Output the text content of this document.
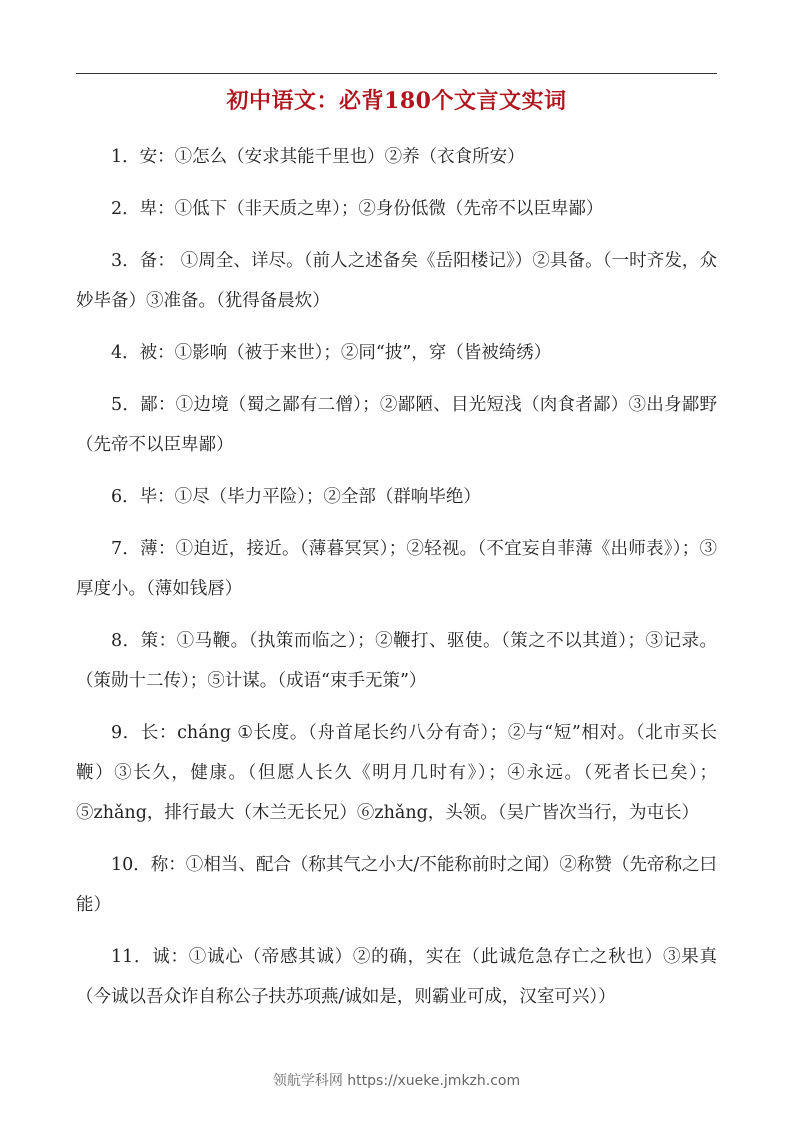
初中语文：必背180个文言文实词

1．安：①怎么（安求其能千里也）②养（衣食所安）

2．卑：①低下（非天质之卑）；②身份低微（先帝不以臣卑鄙）

3．备： ①周全、详尽。（前人之述备矣《岳阳楼记》）②具备。（一时齐发，众妙毕备）③准备。（犹得备晨炊）

4．被：①影响（被于来世）；②同“披”，穿（皆被绮绣）

5．鄙：①边境（蜀之鄙有二僧）；②鄙陋、目光短浅（肉食者鄙）③出身鄙野（先帝不以臣卑鄙）

6．毕：①尽（毕力平险）；②全部（群响毕绝）

7．薄：①迫近，接近。（薄暮冥冥）；②轻视。（不宜妄自菲薄《出师表》）；③厚度小。（薄如钱唇）

8．策：①马鞭。（执策而临之）；②鞭打、驱使。（策之不以其道）；③记录。（策勋十二传）；⑤计谋。（成语“束手无策”）

9．长：cháng ①长度。（舟首尾长约八分有奇）；②与“短”相对。（北市买长鞭）③长久，健康。（但愿人长久《明月几时有》）；④永远。（死者长已矣）；⑤zhǎng，排行最大（木兰无长兄）⑥zhǎng，头领。（吴广皆次当行，为屯长）

10．称：①相当、配合（称其气之小大/不能称前时之闻）②称赞（先帝称之曰能）

11．诚：①诚心（帝感其诚）②的确，实在（此诚危急存亡之秋也）③果真（今诚以吾众诈自称公子扶苏项燕/诚如是，则霸业可成，汉室可兴））

领航学科网 https://xueke.jmkzh.com
